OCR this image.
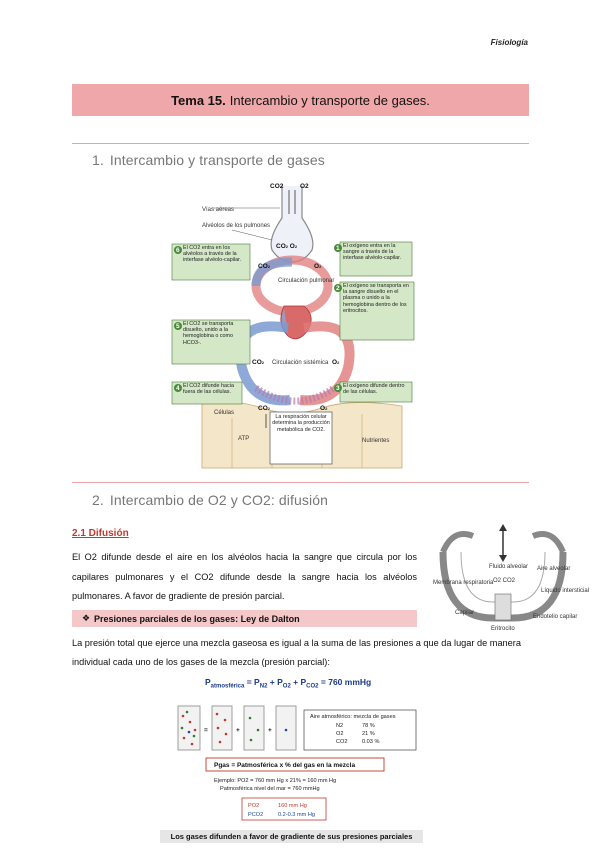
Fisiología
Tema 15. Intercambio y transporte de gases.
1. Intercambio y transporte de gases
CO2	O2
Vías aéreas
Alvéolos de los pulmones
CO2 O2
CO2	O2
Circulación pulmonar
Circulación sistémica
CO2	O2
Células
ATP	Nutrientes
CO2	O2
La respiración celular determina la producción metabólica de CO2.
6 El CO2 entra en los alvéolos a través de la interfase alvéolo-capilar.
5 El CO2 se transporta disuelto, unido a la hemoglobina o como HCO3-.
4 El CO2 difunde hacia fuera de las células.
1 El oxígeno entra en la sangre a través de la interfase alvéolo-capilar.
2 El oxígeno se transporta en la sangre disuelto en el plasma o unido a la hemoglobina dentro de los eritrocitos.
3 El oxígeno difunde dentro de las células.
2. Intercambio de O2 y CO2: difusión
2.1 Difusión
El O2 difunde desde el aire en los alvéolos hacia la sangre que circula por los capilares pulmonares y el CO2 difunde desde la sangre hacia los alvéolos pulmonares. A favor de gradiente de presión parcial.
Fluido alveolar
O2 CO2
Membrana respiratoria
Aire alveolar
Líquido intersticial
Capilar
Eritrocito
Endotelio capilar
❖ Presiones parciales de los gases: Ley de Dalton
La presión total que ejerce una mezcla gaseosa es igual a la suma de las presiones a que da lugar de manera individual cada uno de los gases de la mezcla (presión parcial):
$P_{atmosférica} = P_{N2} + P_{O2} + P_{CO2} = 760$ mmHg
=	+	+
Aire atmosférico: mezcla de gases
N2	78 %
O2	21 %
CO2	0.03 %
Pgas = Patmosférica x % del gas en la mezcla
Ejemplo: PO2 = 760 mm Hg x 21% = 160 mm Hg
Patmosférica nivel del mar = 760 mmHg
PO2	160 mm Hg
PCO2	0.2-0.3 mm Hg
Los gases difunden a favor de gradiente de sus presiones parciales
